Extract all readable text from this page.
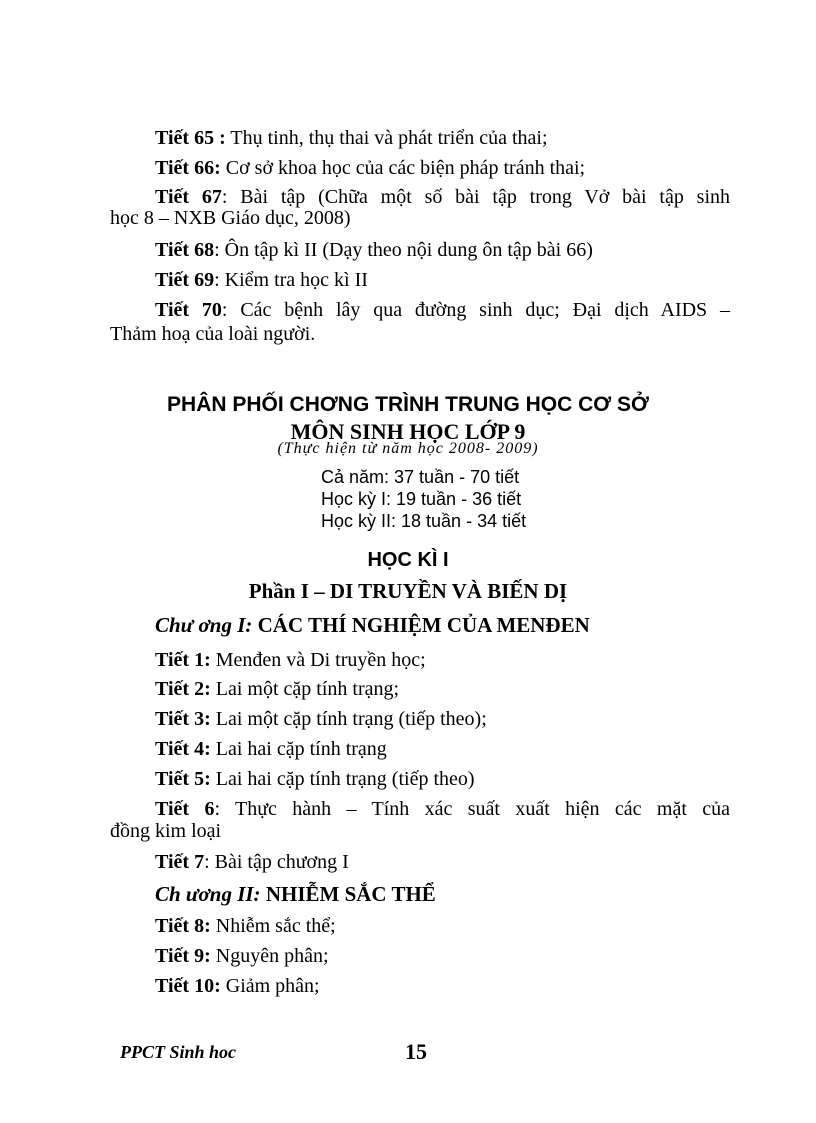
Tiết 65 : Thụ tinh, thụ thai và phát triển của thai;
Tiết 66: Cơ sở khoa học của các biện pháp tránh thai;
Tiết 67: Bài tập (Chữa một số bài tập trong Vở bài tập sinh
học 8 – NXB Giáo dục, 2008)
Tiết 68: Ôn tập kì II (Dạy theo nội dung ôn tập bài 66)
Tiết 69: Kiểm tra học kì II
Tiết 70: Các bệnh lây qua đường sinh dục; Đại dịch AIDS –
Thảm hoạ của loài người.
PHÂN PHỐI CHƠNG TRÌNH TRUNG HỌC CƠ SỞ
MÔN SINH HỌC LỚP 9
(Thực hiện từ năm học 2008- 2009)
Cả năm: 37 tuần - 70 tiết
Học kỳ I: 19 tuần - 36 tiết
Học kỳ II: 18 tuần - 34 tiết
HỌC KÌ I
Phần I – DI TRUYỀN VÀ BIẾN DỊ
Chư ơng I: CÁC THÍ NGHIỆM CỦA MENĐEN
Tiết 1: Menđen và Di truyền học;
Tiết 2: Lai một cặp tính trạng;
Tiết 3: Lai một cặp tính trạng (tiếp theo);
Tiết 4: Lai hai cặp tính trạng
Tiết 5: Lai hai cặp tính trạng (tiếp theo)
Tiết 6: Thực hành – Tính xác suất xuất hiện các mặt của
đồng kim loại
Tiết 7: Bài tập chương I
Ch ương II: NHIỄM SẮC THỂ
Tiết 8: Nhiễm sắc thể;
Tiết 9: Nguyên phân;
Tiết 10: Giảm phân;
PPCT Sinh hoc	15
